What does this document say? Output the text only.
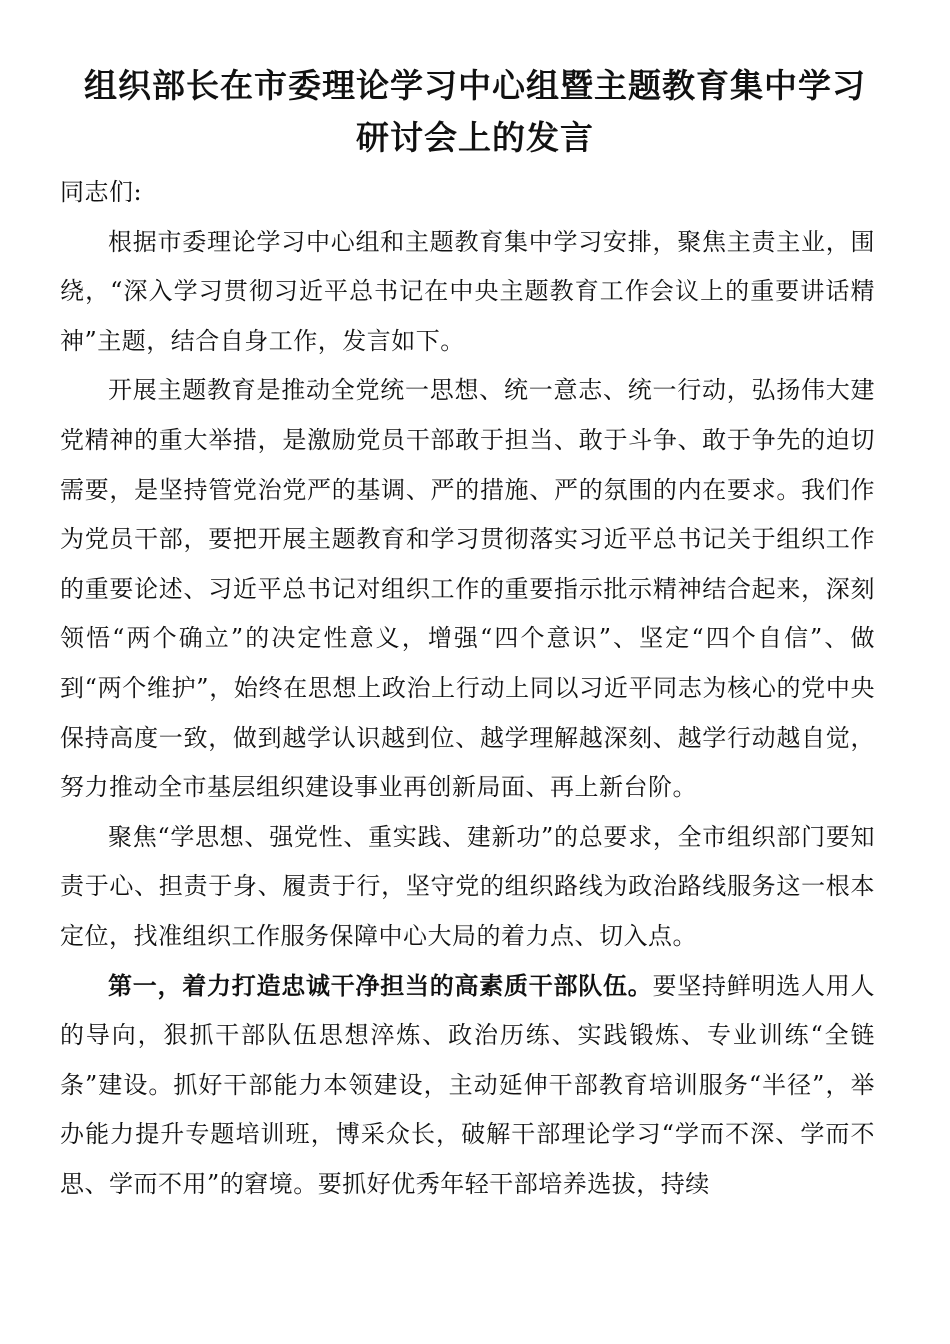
组织部长在市委理论学习中心组暨主题教育集中学习
研讨会上的发言

同志们:

根据市委理论学习中心组和主题教育集中学习安排，聚焦主责主业，围绕，“深入学习贯彻习近平总书记在中央主题教育工作会议上的重要讲话精神”主题，结合自身工作，发言如下。

开展主题教育是推动全党统一思想、统一意志、统一行动，弘扬伟大建党精神的重大举措，是激励党员干部敢于担当、敢于斗争、敢于争先的迫切需要，是坚持管党治党严的基调、严的措施、严的氛围的内在要求。我们作为党员干部，要把开展主题教育和学习贯彻落实习近平总书记关于组织工作的重要论述、习近平总书记对组织工作的重要指示批示精神结合起来，深刻领悟“两个确立”的决定性意义，增强“四个意识”、坚定“四个自信”、做到“两个维护”，始终在思想上政治上行动上同以习近平同志为核心的党中央保持高度一致，做到越学认识越到位、越学理解越深刻、越学行动越自觉，努力推动全市基层组织建设事业再创新局面、再上新台阶。

聚焦“学思想、强党性、重实践、建新功”的总要求，全市组织部门要知责于心、担责于身、履责于行，坚守党的组织路线为政治路线服务这一根本定位，找准组织工作服务保障中心大局的着力点、切入点。

第一，着力打造忠诚干净担当的高素质干部队伍。要坚持鲜明选人用人的导向，狠抓干部队伍思想淬炼、政治历练、实践锻炼、专业训练“全链条”建设。抓好干部能力本领建设，主动延伸干部教育培训服务“半径”，举办能力提升专题培训班，博采众长，破解干部理论学习“学而不深、学而不思、学而不用”的窘境。要抓好优秀年轻干部培养选拔，持续
